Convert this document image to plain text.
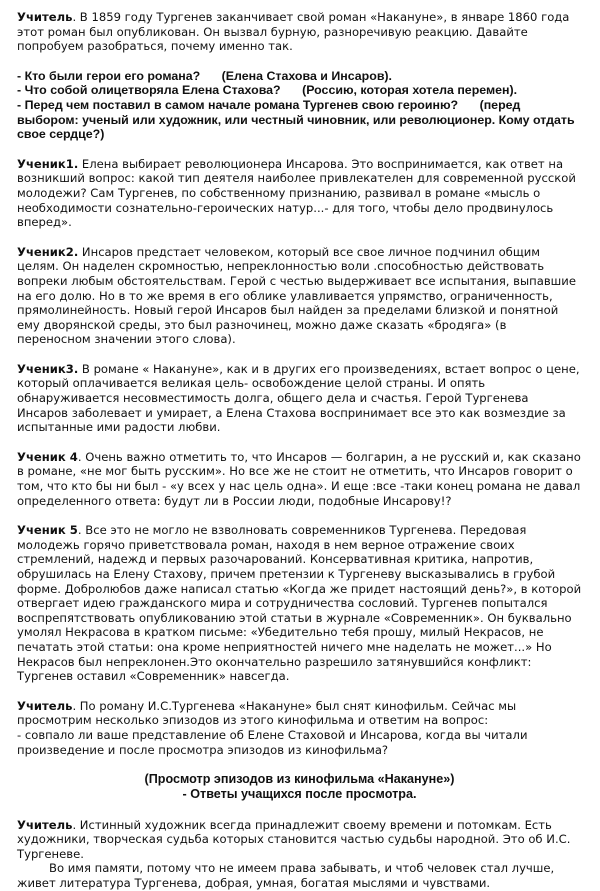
Учитель. В 1859 году Тургенев заканчивает свой роман «Накануне», в январе 1860 года этот роман был опубликован. Он вызвал бурную, разноречивую реакцию. Давайте попробуем разобраться, почему именно так.

- Кто были герои его романа? (Елена Стахова и Инсаров).

- Что собой олицетворяла Елена Стахова? (Россию, которая хотела перемен).

- Перед чем поставил в самом начале романа Тургенев свою героиню? (перед выбором: ученый или художник, или честный чиновник, или революционер. Кому отдать свое сердце?)

Ученик1. Елена выбирает революционера Инсарова. Это воспринимается, как ответ на возникший вопрос: какой тип деятеля наиболее привлекателен для современной русской молодежи? Сам Тургенев, по собственному признанию, развивал в романе «мысль о необходимости сознательно-героических натур...- для того, чтобы дело продвинулось вперед».

Ученик2. Инсаров предстает человеком, который все свое личное подчинил общим целям. Он наделен скромностью, непреклонностью воли .способностью действовать вопреки любым обстоятельствам. Герой с честью выдерживает все испытания, выпавшие на его долю. Но в то же время в его облике улавливается упрямство, ограниченность, прямолинейность. Новый герой Инсаров был найден за пределами близкой и понятной ему дворянской среды, это был разночинец, можно даже сказать «бродяга» (в переносном значении этого слова).

Ученик3. В романе « Накануне», как и в других его произведениях, встает вопрос о цене, который оплачивается великая цель- освобождение целой страны. И опять обнаруживается несовместимость долга, общего дела и счастья. Герой Тургенева Инсаров заболевает и умирает, а Елена Стахова воспринимает все это как возмездие за испытанные ими радости любви.

Ученик 4. Очень важно отметить то, что Инсаров — болгарин, а не русский и, как сказано в романе, «не мог быть русским». Но все же не стоит не отметить, что Инсаров говорит о том, что кто бы ни был - «у всех у нас цель одна». И еще :все -таки конец романа не давал определенного ответа: будут ли в России люди, подобные Инсарову!?

Ученик 5. Все это не могло не взволновать современников Тургенева. Передовая молодежь горячо приветствовала роман, находя в нем верное отражение своих стремлений, надежд и первых разочарований. Консервативная критика, напротив, обрушилась на Елену Стахову, причем претензии к Тургеневу высказывались в грубой форме. Добролюбов даже написал статью «Когда же придет настоящий день?», в которой отвергает идею гражданского мира и сотрудничества сословий. Тургенев попытался воспрепятствовать опубликованию этой статьи в журнале «Современник». Он буквально умолял Некрасова в кратком письме: «Убедительно тебя прошу, милый Некрасов, не печатать этой статьи: она кроме неприятностей ничего мне наделать не может...» Но Некрасов был непреклонен.Это окончательно разрешило затянувшийся конфликт: Тургенев оставил «Современник» навсегда.

Учитель. По роману И.С.Тургенева «Накануне» был снят кинофильм. Сейчас мы просмотрим несколько эпизодов из этого кинофильма и ответим на вопрос:

- совпало ли ваше представление об Елене Стаховой и Инсарова, когда вы читали произведение и после просмотра эпизодов из кинофильма?

(Просмотр эпизодов из кинофильма «Накануне»)

- Ответы учащихся после просмотра.

Учитель. Истинный художник всегда принадлежит своему времени и потомкам. Есть художники, творческая судьба которых становится частью судьбы народной. Это об И.С. Тургеневе.

Во имя памяти, потому что не имеем права забывать, и чтоб человек стал лучше, живет литература Тургенева, добрая, умная, богатая мыслями и чувствами.
